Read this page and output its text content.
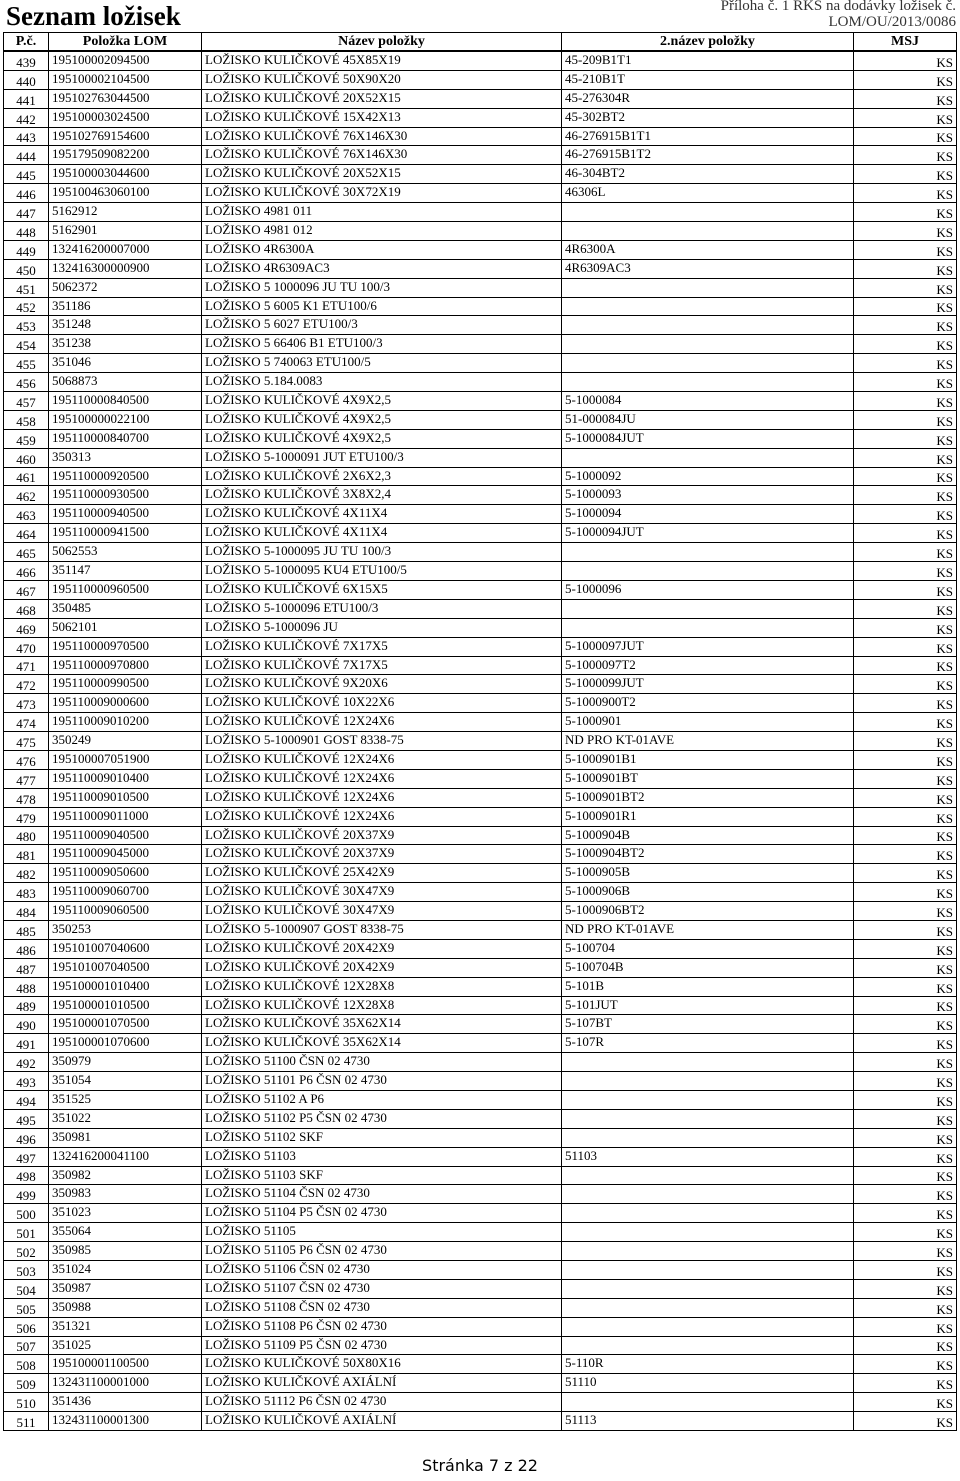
Seznam ložisek	Příloha č. 1 RKS na dodávky ložisek č. LOM/OU/2013/0086
P.č.	Položka LOM	Název položky	2.název položky	MSJ
439	195100002094500	LOŽISKO KULIČKOVÉ 45X85X19	45-209B1T1	KS
440	195100002104500	LOŽISKO KULIČKOVÉ 50X90X20	45-210B1T	KS
441	195102763044500	LOŽISKO KULIČKOVÉ 20X52X15	45-276304R	KS
442	195100003024500	LOŽISKO KULIČKOVÉ 15X42X13	45-302BT2	KS
443	195102769154600	LOŽISKO KULIČKOVÉ 76X146X30	46-276915B1T1	KS
444	195179509082200	LOŽISKO KULIČKOVÉ 76X146X30	46-276915B1T2	KS
445	195100003044600	LOŽISKO KULIČKOVÉ 20X52X15	46-304BT2	KS
446	195100463060100	LOŽISKO KULIČKOVÉ 30X72X19	46306L	KS
447	5162912	LOŽISKO 4981 011		KS
448	5162901	LOŽISKO 4981 012		KS
449	132416200007000	LOŽISKO 4R6300A	4R6300A	KS
450	132416300000900	LOŽISKO 4R6309AC3	4R6309AC3	KS
451	5062372	LOŽISKO 5 1000096 JU TU 100/3		KS
452	351186	LOŽISKO 5 6005 K1 ETU100/6		KS
453	351248	LOŽISKO 5 6027 ETU100/3		KS
454	351238	LOŽISKO 5 66406 B1 ETU100/3		KS
455	351046	LOŽISKO 5 740063 ETU100/5		KS
456	5068873	LOŽISKO 5.184.0083		KS
457	195110000840500	LOŽISKO KULIČKOVÉ 4X9X2,5	5-1000084	KS
458	195100000022100	LOŽISKO KULIČKOVÉ 4X9X2,5	51-000084JU	KS
459	195110000840700	LOŽISKO KULIČKOVÉ 4X9X2,5	5-1000084JUT	KS
460	350313	LOŽISKO 5-1000091 JUT ETU100/3		KS
461	195110000920500	LOŽISKO KULIČKOVÉ 2X6X2,3	5-1000092	KS
462	195110000930500	LOŽISKO KULIČKOVÉ 3X8X2,4	5-1000093	KS
463	195110000940500	LOŽISKO KULIČKOVÉ 4X11X4	5-1000094	KS
464	195110000941500	LOŽISKO KULIČKOVÉ 4X11X4	5-1000094JUT	KS
465	5062553	LOŽISKO 5-1000095 JU TU 100/3		KS
466	351147	LOŽISKO 5-1000095 KU4 ETU100/5		KS
467	195110000960500	LOŽISKO KULIČKOVÉ 6X15X5	5-1000096	KS
468	350485	LOŽISKO 5-1000096 ETU100/3		KS
469	5062101	LOŽISKO 5-1000096 JU		KS
470	195110000970500	LOŽISKO KULIČKOVÉ 7X17X5	5-1000097JUT	KS
471	195110000970800	LOŽISKO KULIČKOVÉ 7X17X5	5-1000097T2	KS
472	195110000990500	LOŽISKO KULIČKOVÉ 9X20X6	5-1000099JUT	KS
473	195110009000600	LOŽISKO KULIČKOVÉ 10X22X6	5-1000900T2	KS
474	195110009010200	LOŽISKO KULIČKOVÉ 12X24X6	5-1000901	KS
475	350249	LOŽISKO 5-1000901 GOST 8338-75	ND PRO KT-01AVE	KS
476	195100007051900	LOŽISKO KULIČKOVÉ 12X24X6	5-1000901B1	KS
477	195110009010400	LOŽISKO KULIČKOVÉ 12X24X6	5-1000901BT	KS
478	195110009010500	LOŽISKO KULIČKOVÉ 12X24X6	5-1000901BT2	KS
479	195110009011000	LOŽISKO KULIČKOVÉ 12X24X6	5-1000901R1	KS
480	195110009040500	LOŽISKO KULIČKOVÉ 20X37X9	5-1000904B	KS
481	195110009045000	LOŽISKO KULIČKOVÉ 20X37X9	5-1000904BT2	KS
482	195110009050600	LOŽISKO KULIČKOVÉ 25X42X9	5-1000905B	KS
483	195110009060700	LOŽISKO KULIČKOVÉ 30X47X9	5-1000906B	KS
484	195110009060500	LOŽISKO KULIČKOVÉ 30X47X9	5-1000906BT2	KS
485	350253	LOŽISKO 5-1000907 GOST 8338-75	ND PRO KT-01AVE	KS
486	195101007040600	LOŽISKO KULIČKOVÉ 20X42X9	5-100704	KS
487	195101007040500	LOŽISKO KULIČKOVÉ 20X42X9	5-100704B	KS
488	195100001010400	LOŽISKO KULIČKOVÉ 12X28X8	5-101B	KS
489	195100001010500	LOŽISKO KULIČKOVÉ 12X28X8	5-101JUT	KS
490	195100001070500	LOŽISKO KULIČKOVÉ 35X62X14	5-107BT	KS
491	195100001070600	LOŽISKO KULIČKOVÉ 35X62X14	5-107R	KS
492	350979	LOŽISKO 51100 ČSN 02 4730		KS
493	351054	LOŽISKO 51101 P6 ČSN 02 4730		KS
494	351525	LOŽISKO 51102 A P6		KS
495	351022	LOŽISKO 51102 P5 ČSN 02 4730		KS
496	350981	LOŽISKO 51102 SKF		KS
497	132416200041100	LOŽISKO 51103	51103	KS
498	350982	LOŽISKO 51103 SKF		KS
499	350983	LOŽISKO 51104 ČSN 02 4730		KS
500	351023	LOŽISKO 51104 P5 ČSN 02 4730		KS
501	355064	LOŽISKO 51105		KS
502	350985	LOŽISKO 51105 P6 ČSN 02 4730		KS
503	351024	LOŽISKO 51106 ČSN 02 4730		KS
504	350987	LOŽISKO 51107 ČSN 02 4730		KS
505	350988	LOŽISKO 51108 ČSN 02 4730		KS
506	351321	LOŽISKO 51108 P6 ČSN 02 4730		KS
507	351025	LOŽISKO 51109 P5 ČSN 02 4730		KS
508	195100001100500	LOŽISKO KULIČKOVÉ 50X80X16	5-110R	KS
509	132431100001000	LOŽISKO KULIČKOVÉ AXIÁLNÍ	51110	KS
510	351436	LOŽISKO 51112 P6 ČSN 02 4730		KS
511	132431100001300	LOŽISKO KULIČKOVÉ AXIÁLNÍ	51113	KS
Stránka 7 z 22
